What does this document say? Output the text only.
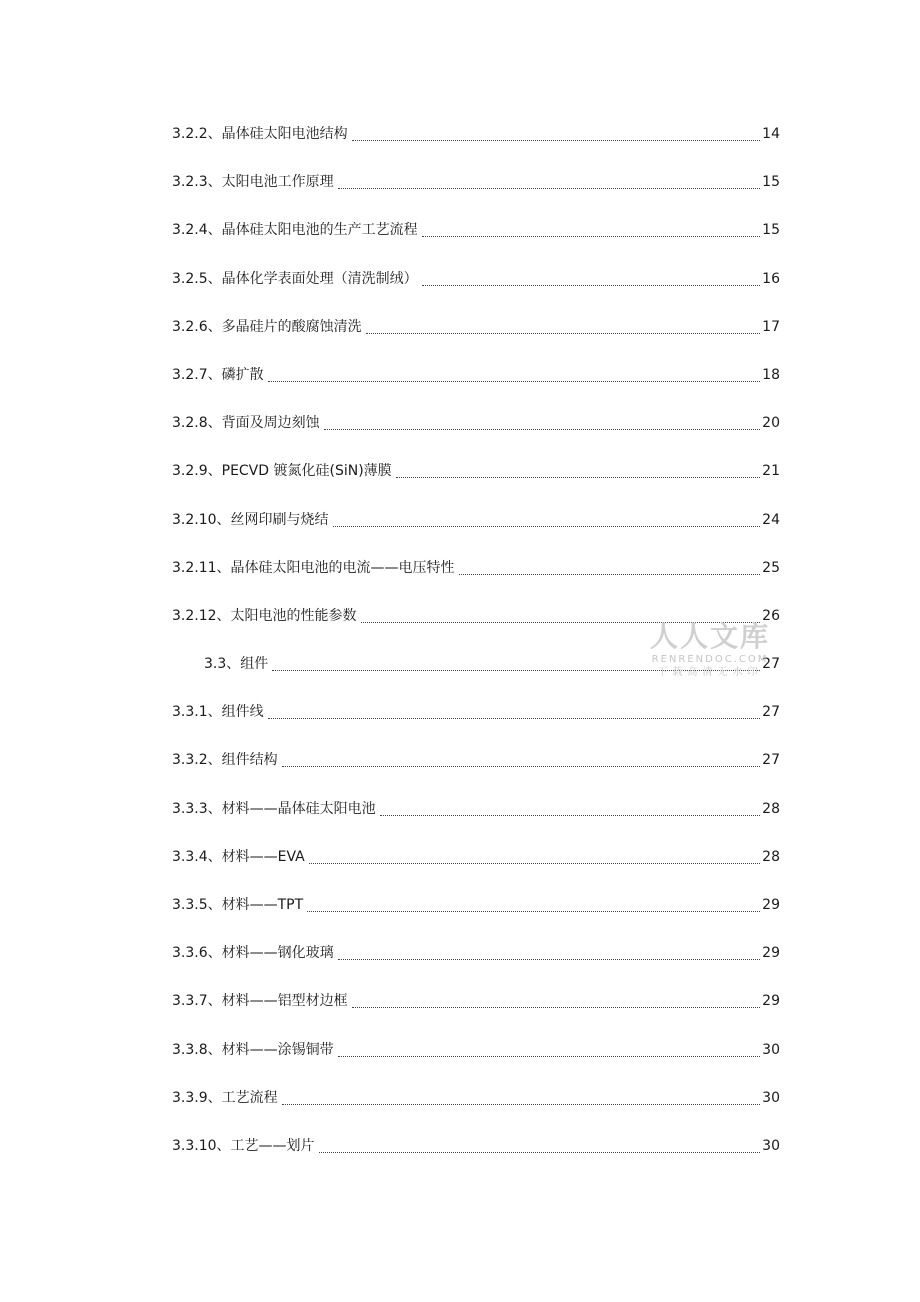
3.2.2、晶体硅太阳电池结构	14
3.2.3、太阳电池工作原理	15
3.2.4、晶体硅太阳电池的生产工艺流程	15
3.2.5、晶体化学表面处理（清洗制绒）	16
3.2.6、多晶硅片的酸腐蚀清洗	17
3.2.7、磷扩散	18
3.2.8、背面及周边刻蚀	20
3.2.9、PECVD 镀氮化硅(SiN)薄膜	21
3.2.10、丝网印刷与烧结	24
3.2.11、晶体硅太阳电池的电流——电压特性	25
3.2.12、太阳电池的性能参数	26
3.3、组件	27
3.3.1、组件线	27
3.3.2、组件结构	27
3.3.3、材料——晶体硅太阳电池	28
3.3.4、材料——EVA	28
3.3.5、材料——TPT	29
3.3.6、材料——钢化玻璃	29
3.3.7、材料——铝型材边框	29
3.3.8、材料——涂锡铜带	30
3.3.9、工艺流程	30
3.3.10、工艺——划片	30
人人文库
RENRENDOC.COM
下载高清无水印
